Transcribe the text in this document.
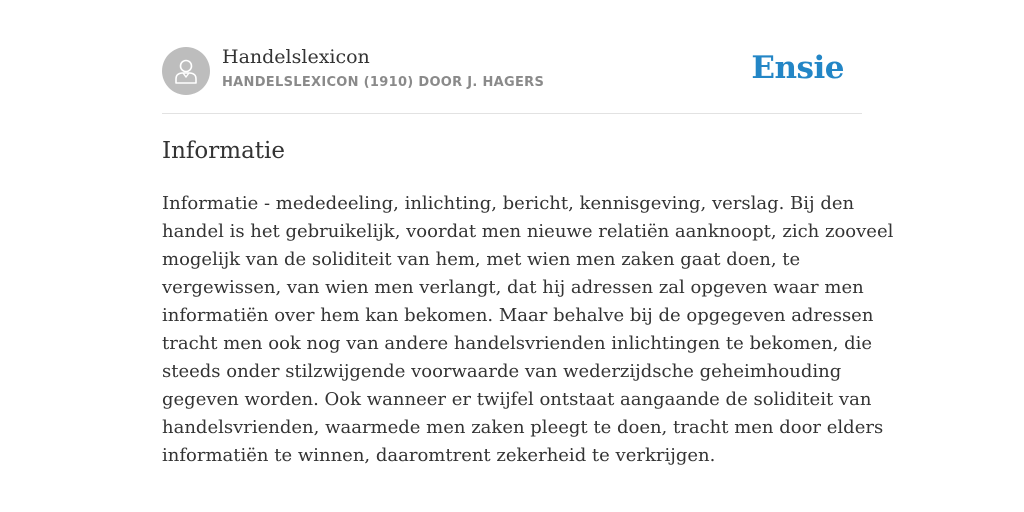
Handelslexicon
HANDELSLEXICON (1910) DOOR J. HAGERS	Ensie
Informatie
Informatie - mededeeling, inlichting, bericht, kennisgeving, verslag. Bij den
handel is het gebruikelijk, voordat men nieuwe relatiën aanknoopt, zich zooveel
mogelijk van de soliditeit van hem, met wien men zaken gaat doen, te
vergewissen, van wien men verlangt, dat hij adressen zal opgeven waar men
informatiën over hem kan bekomen. Maar behalve bij de opgegeven adressen
tracht men ook nog van andere handelsvrienden inlichtingen te bekomen, die
steeds onder stilzwijgende voorwaarde van wederzijdsche geheimhouding
gegeven worden. Ook wanneer er twijfel ontstaat aangaande de soliditeit van
handelsvrienden, waarmede men zaken pleegt te doen, tracht men door elders
informatiën te winnen, daaromtrent zekerheid te verkrijgen.
